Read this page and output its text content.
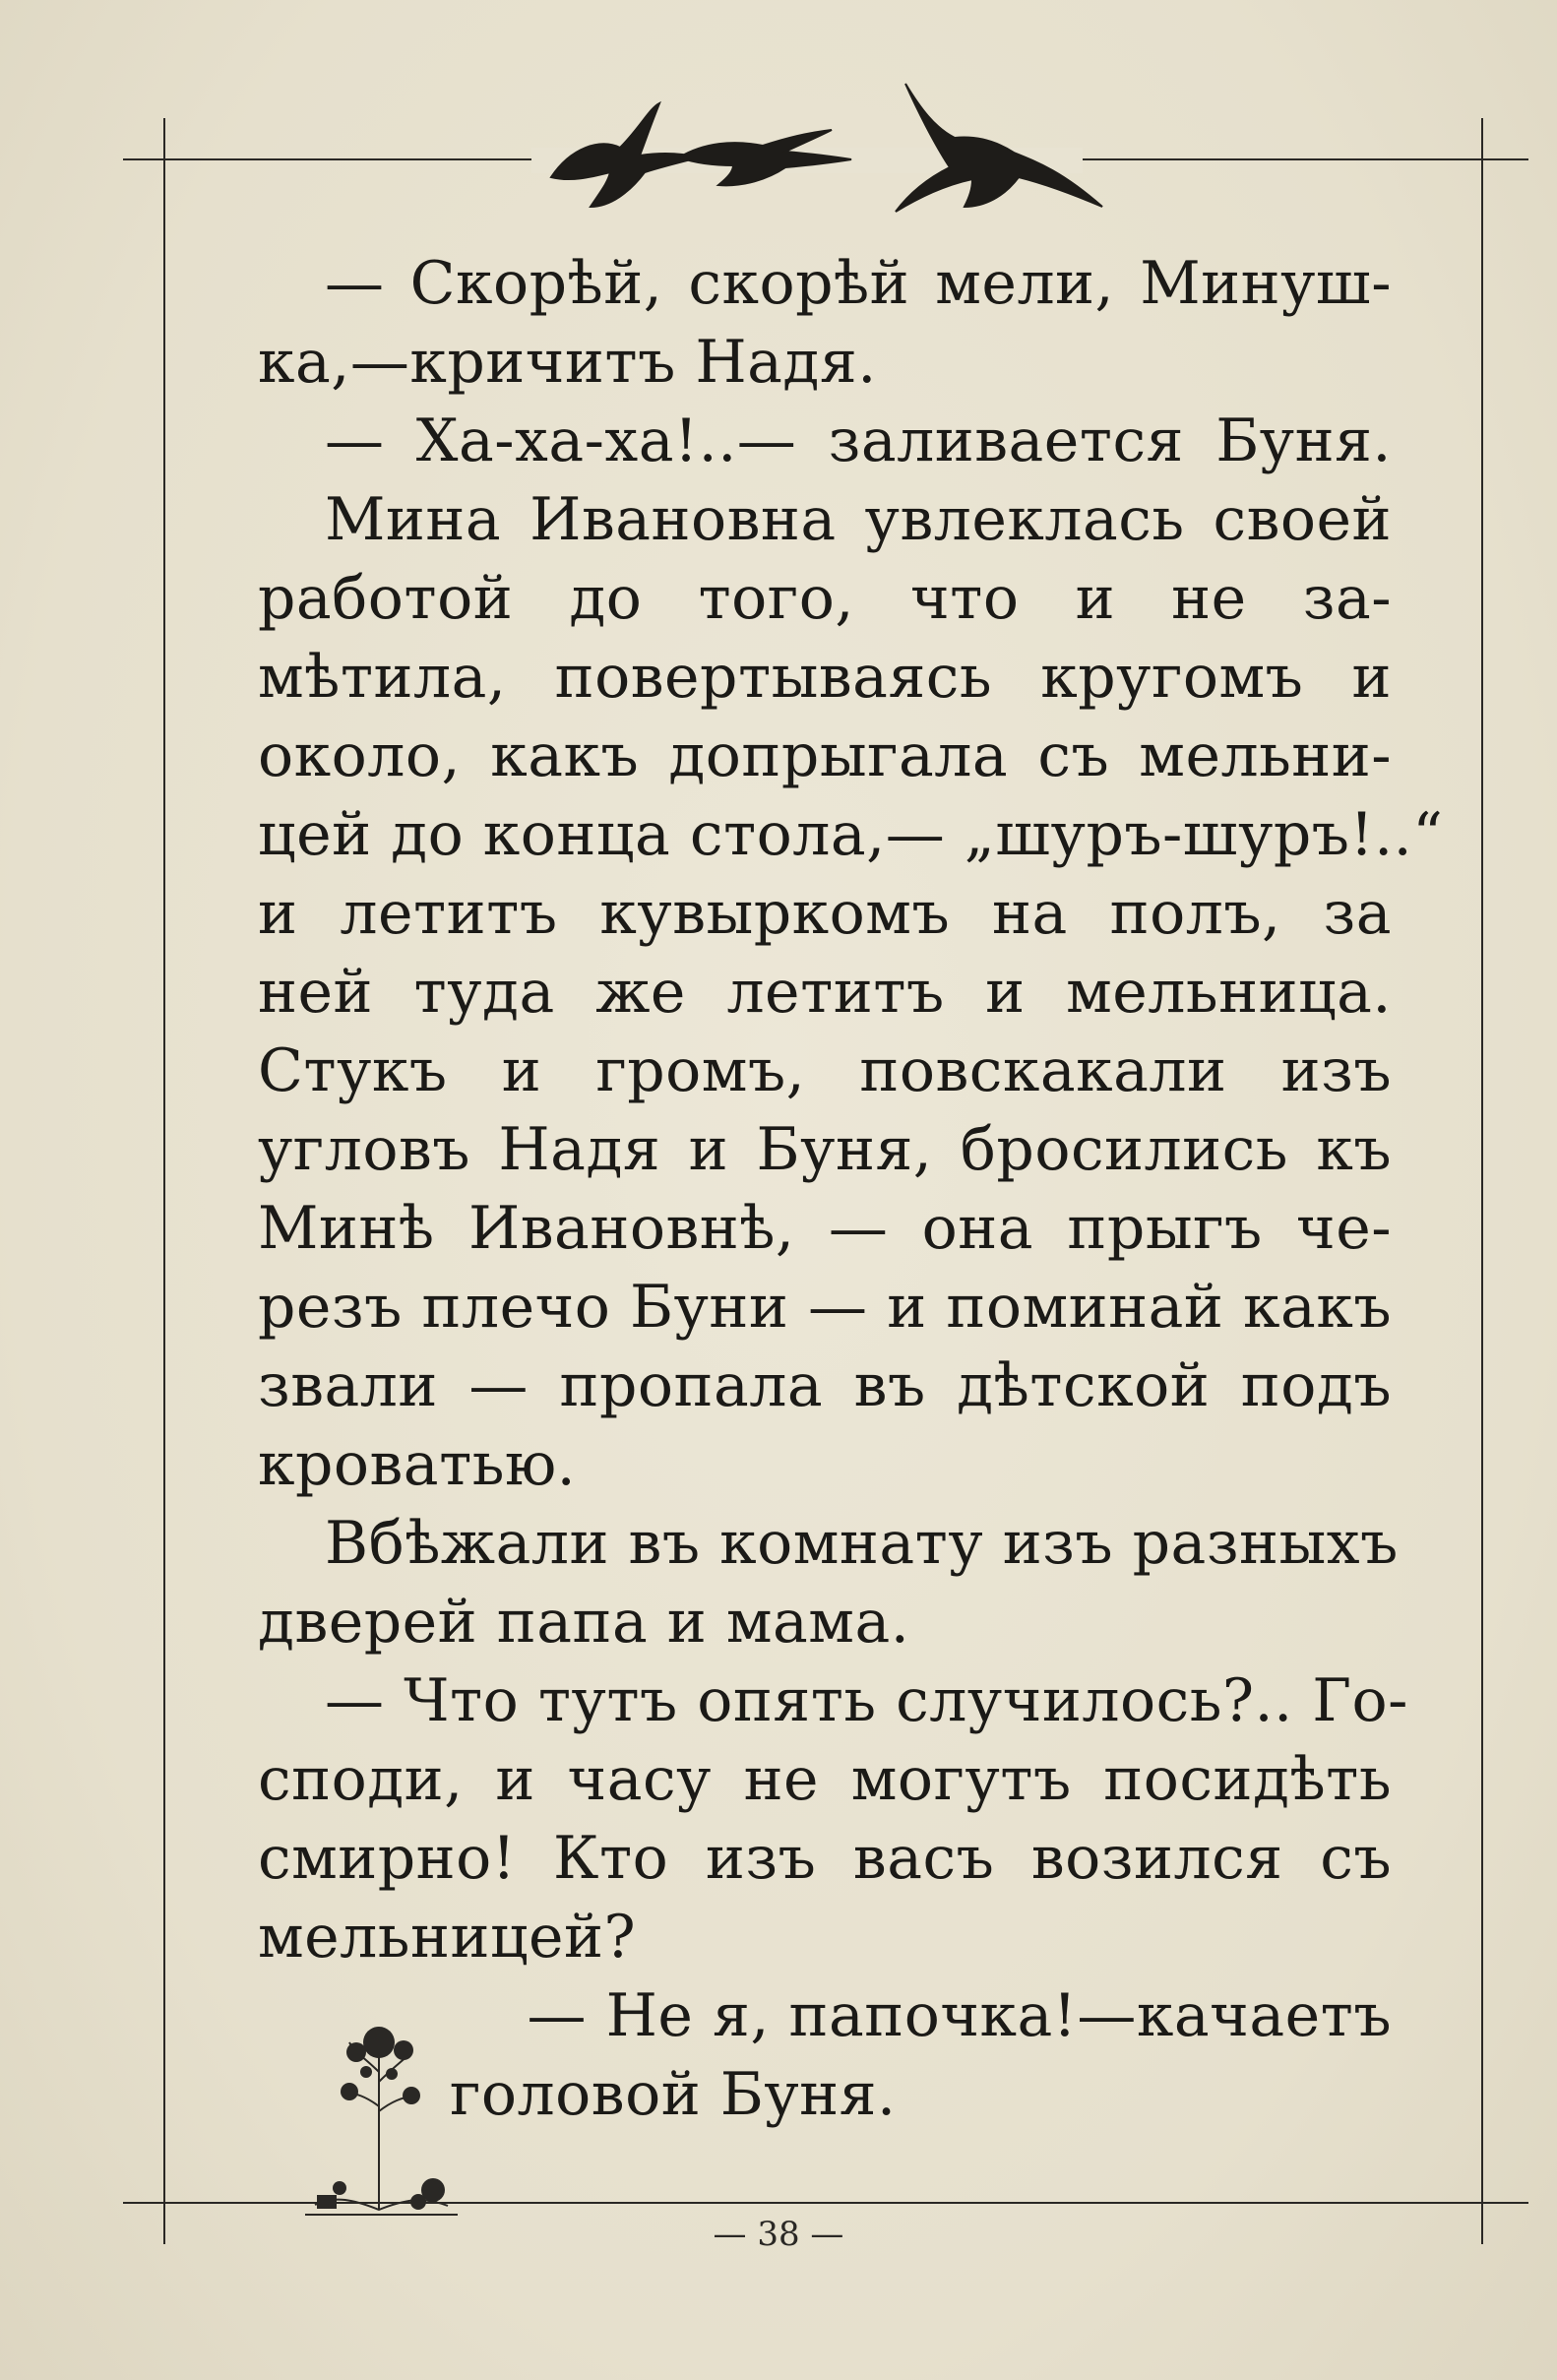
— Скорѣй, скорѣй мели, Минуш-
ка,—кричитъ Надя.
— Ха-ха-ха!..— заливается Буня.
Мина Ивановна увлеклась своей
работой до того, что и не за-
мѣтила, повертываясь кругомъ и
около, какъ допрыгала съ мельни-
цей до конца стола,— „шуръ-шуръ!..“
и летитъ кувыркомъ на полъ, за
ней туда же летитъ и мельница.
Стукъ и громъ, повскакали изъ
угловъ Надя и Буня, бросились къ
Минѣ Ивановнѣ, — она прыгъ че-
резъ плечо Буни — и поминай какъ
звали — пропала въ дѣтской подъ
кроватью.
Вбѣжали въ комнату изъ разныхъ
дверей папа и мама.
— Что тутъ опять случилось?.. Го-
споди, и часу не могутъ посидѣть
смирно! Кто изъ васъ возился съ
мельницей?
— Не я, папочка!—качаетъ
головой Буня.
— 38 —
